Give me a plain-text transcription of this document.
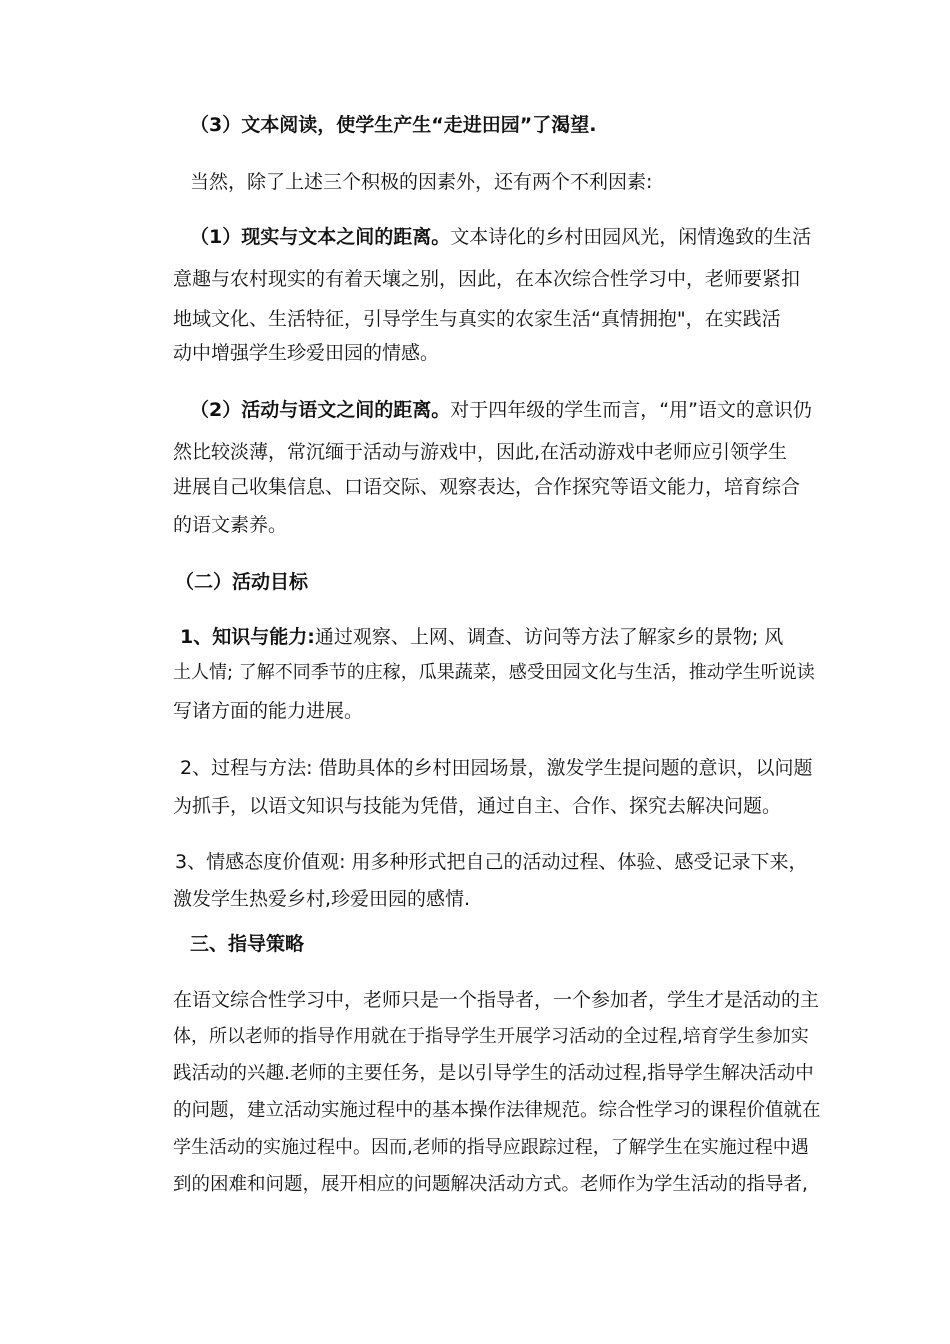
（3）文本阅读，使学生产生“走进田园”了渴望.
当然，除了上述三个积极的因素外，还有两个不利因素:
（1）现实与文本之间的距离。文本诗化的乡村田园风光，闲情逸致的生活
意趣与农村现实的有着天壤之别，因此，在本次综合性学习中，老师要紧扣
地域文化、生活特征，引导学生与真实的农家生活“真情拥抱"，在实践活
动中增强学生珍爱田园的情感。
（2）活动与语文之间的距离。对于四年级的学生而言，“用”语文的意识仍
然比较淡薄，常沉缅于活动与游戏中，因此,在活动游戏中老师应引领学生
进展自己收集信息、口语交际、观察表达，合作探究等语文能力，培育综合
的语文素养。
（二）活动目标
1、知识与能力:通过观察、上网、调查、访问等方法了解家乡的景物; 风
土人情; 了解不同季节的庄稼，瓜果蔬菜，感受田园文化与生活，推动学生听说读
写诸方面的能力进展。
2、过程与方法: 借助具体的乡村田园场景，激发学生提问题的意识，以问题
为抓手，以语文知识与技能为凭借，通过自主、合作、探究去解决问题。
3、情感态度价值观: 用多种形式把自己的活动过程、体验、感受记录下来，
激发学生热爱乡村,珍爱田园的感情.
三、指导策略
在语文综合性学习中，老师只是一个指导者，一个参加者，学生才是活动的主
体，所以老师的指导作用就在于指导学生开展学习活动的全过程,培育学生参加实
践活动的兴趣.老师的主要任务，是以引导学生的活动过程,指导学生解决活动中
的问题，建立活动实施过程中的基本操作法律规范。综合性学习的课程价值就在
学生活动的实施过程中。因而,老师的指导应跟踪过程，了解学生在实施过程中遇
到的困难和问题，展开相应的问题解决活动方式。老师作为学生活动的指导者,
